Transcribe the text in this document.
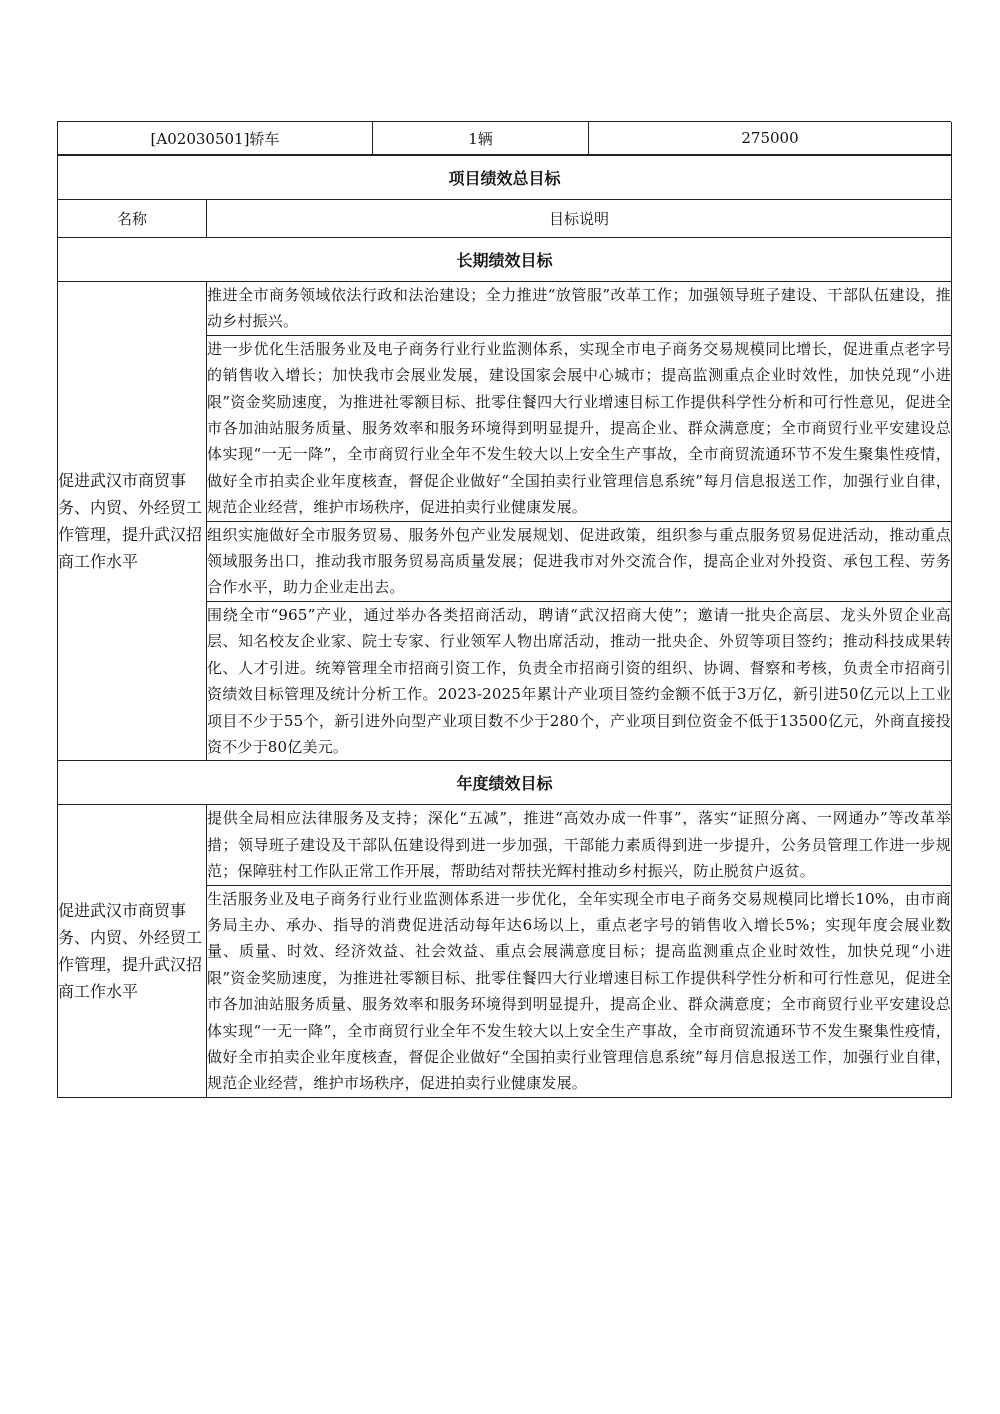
[A02030501]轿车	1辆	275000
项目绩效总目标	
名称	目标说明
长期绩效目标	
促进武汉市商贸事务、内贸、外经贸工作管理，提升武汉招商工作水平	推进全市商务领域依法行政和法治建设；全力推进“放管服”改革工作；加强领导班子建设、干部队伍建设，推动乡村振兴。
	进一步优化生活服务业及电子商务行业行业监测体系，实现全市电子商务交易规模同比增长，促进重点老字号的销售收入增长；加快我市会展业发展，建设国家会展中心城市；提高监测重点企业时效性，加快兑现“小进限”资金奖励速度，为推进社零额目标、批零住餐四大行业增速目标工作提供科学性分析和可行性意见，促进全市各加油站服务质量、服务效率和服务环境得到明显提升，提高企业、群众满意度；全市商贸行业平安建设总体实现“一无一降”，全市商贸行业全年不发生较大以上安全生产事故，全市商贸流通环节不发生聚集性疫情，做好全市拍卖企业年度核查，督促企业做好“全国拍卖行业管理信息系统”每月信息报送工作，加强行业自律，规范企业经营，维护市场秩序，促进拍卖行业健康发展。
	组织实施做好全市服务贸易、服务外包产业发展规划、促进政策，组织参与重点服务贸易促进活动，推动重点领域服务出口，推动我市服务贸易高质量发展；促进我市对外交流合作，提高企业对外投资、承包工程、劳务合作水平，助力企业走出去。
	围绕全市“965”产业，通过举办各类招商活动，聘请“武汉招商大使”；邀请一批央企高层、龙头外贸企业高层、知名校友企业家、院士专家、行业领军人物出席活动，推动一批央企、外贸等项目签约；推动科技成果转化、人才引进。统筹管理全市招商引资工作，负责全市招商引资的组织、协调、督察和考核，负责全市招商引资绩效目标管理及统计分析工作。2023-2025年累计产业项目签约金额不低于3万亿，新引进50亿元以上工业项目不少于55个，新引进外向型产业项目数不少于280个，产业项目到位资金不低于13500亿元，外商直接投资不少于80亿美元。
年度绩效目标	
促进武汉市商贸事务、内贸、外经贸工作管理，提升武汉招商工作水平	提供全局相应法律服务及支持；深化“五减”，推进“高效办成一件事”，落实“证照分离、一网通办”等改革举措；领导班子建设及干部队伍建设得到进一步加强，干部能力素质得到进一步提升，公务员管理工作进一步规范；保障驻村工作队正常工作开展，帮助结对帮扶光辉村推动乡村振兴，防止脱贫户返贫。
	生活服务业及电子商务行业行业监测体系进一步优化，全年实现全市电子商务交易规模同比增长10%，由市商务局主办、承办、指导的消费促进活动每年达6场以上，重点老字号的销售收入增长5%；实现年度会展业数量、质量、时效、经济效益、社会效益、重点会展满意度目标；提高监测重点企业时效性，加快兑现“小进限”资金奖励速度，为推进社零额目标、批零住餐四大行业增速目标工作提供科学性分析和可行性意见，促进全市各加油站服务质量、服务效率和服务环境得到明显提升，提高企业、群众满意度；全市商贸行业平安建设总体实现“一无一降”，全市商贸行业全年不发生较大以上安全生产事故，全市商贸流通环节不发生聚集性疫情，做好全市拍卖企业年度核查，督促企业做好“全国拍卖行业管理信息系统”每月信息报送工作，加强行业自律，规范企业经营，维护市场秩序，促进拍卖行业健康发展。
